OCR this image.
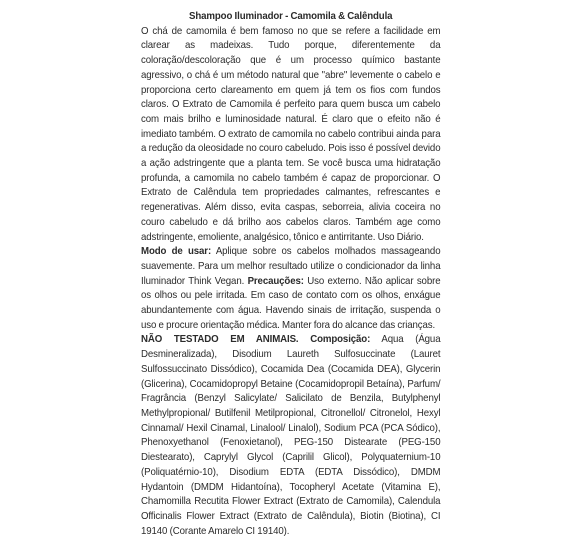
Shampoo Iluminador - Camomila & Calêndula

O chá de camomila é bem famoso no que se refere a facilidade em clarear as madeixas. Tudo porque, diferentemente da coloração/descoloração que é um processo químico bastante agressivo, o chá é um método natural que "abre" levemente o cabelo e proporciona certo clareamento em quem já tem os fios com fundos claros. O Extrato de Camomila é perfeito para quem busca um cabelo com mais brilho e luminosidade natural. É claro que o efeito não é imediato também. O extrato de camomila no cabelo contribui ainda para a redução da oleosidade no couro cabeludo. Pois isso é possível devido a ação adstringente que a planta tem. Se você busca uma hidratação profunda, a camomila no cabelo também é capaz de proporcionar. O Extrato de Calêndula tem propriedades calmantes, refrescantes e regenerativas. Além disso, evita caspas, seborreia, alivia coceira no couro cabeludo e dá brilho aos cabelos claros. Também age como adstringente, emoliente, analgésico, tônico e antirritante. Uso Diário.

Modo de usar: Aplique sobre os cabelos molhados massageando suavemente. Para um melhor resultado utilize o condicionador da linha Iluminador Think Vegan. Precauções: Uso externo. Não aplicar sobre os olhos ou pele irritada. Em caso de contato com os olhos, enxágue abundantemente com água. Havendo sinais de irritação, suspenda o uso e procure orientação médica. Manter fora do alcance das crianças.

NÃO TESTADO EM ANIMAIS. Composição: Aqua (Água Desmineralizada), Disodium Laureth Sulfosuccinate (Lauret Sulfossuccinato Dissódico), Cocamida Dea (Cocamida DEA), Glycerin (Glicerina), Cocamidopropyl Betaine (Cocamidopropil Betaína), Parfum/ Fragrância (Benzyl Salicylate/ Salicilato de Benzila, Butylphenyl Methylpropional/ Butilfenil Metilpropional, Citronellol/ Citronelol, Hexyl Cinnamal/ Hexil Cinamal, Linalool/ Linalol), Sodium PCA (PCA Sódico), Phenoxyethanol (Fenoxietanol), PEG-150 Distearate (PEG-150 Diestearato), Caprylyl Glycol (Caprilil Glicol), Polyquaternium-10 (Poliquatérnio-10), Disodium EDTA (EDTA Dissódico), DMDM Hydantoin (DMDM Hidantoína), Tocopheryl Acetate (Vitamina E), Chamomilla Recutita Flower Extract (Extrato de Camomila), Calendula Officinalis Flower Extract (Extrato de Calêndula), Biotin (Biotina), CI 19140 (Corante Amarelo CI 19140).
